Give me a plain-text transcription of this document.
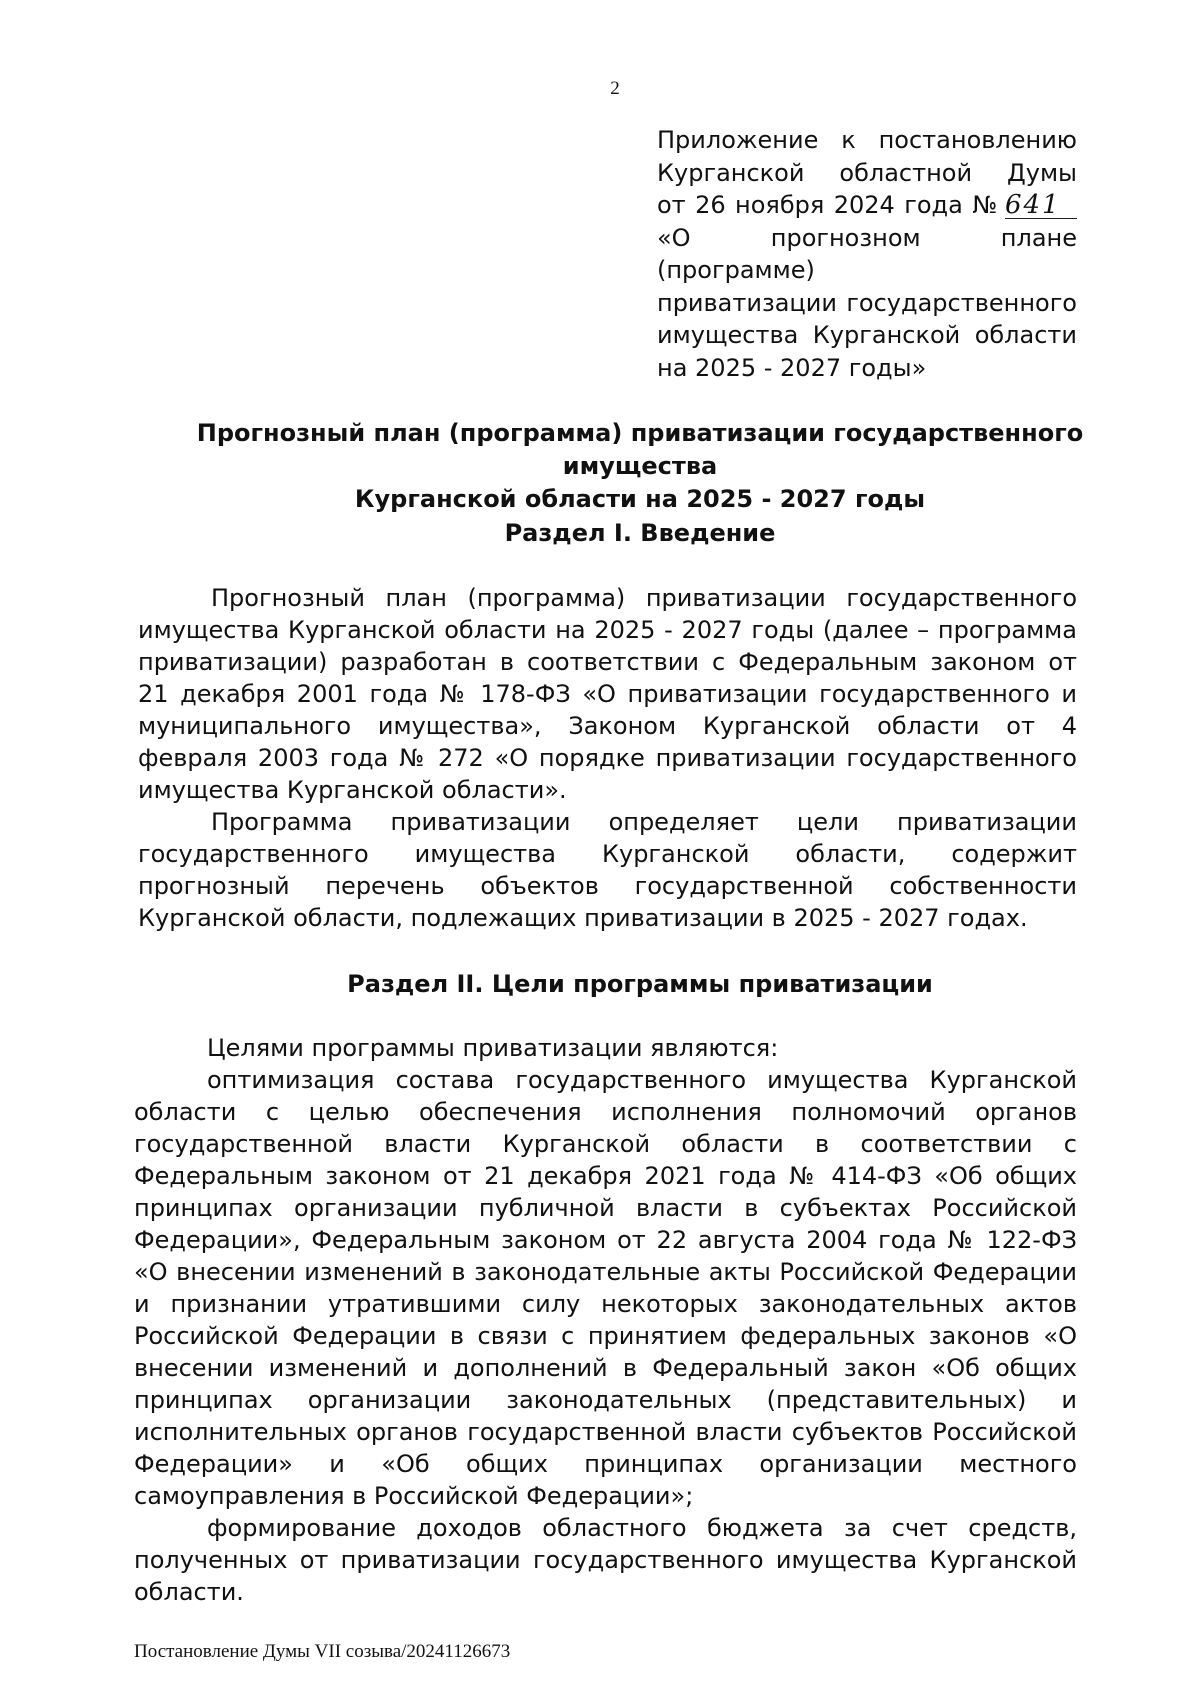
2
Приложение к постановлению
Курганской областной Думы
от 26 ноября 2024 года № 641
«О прогнозном плане (программе)
приватизации государственного
имущества Курганской области
на 2025 - 2027 годы»
Прогнозный план (программа) приватизации государственного имущества
Курганской области на 2025 - 2027 годы
Раздел I. Введение

Прогнозный план (программа) приватизации государственного имущества Курганской области на 2025 - 2027 годы (далее – программа приватизации) разработан в соответствии с Федеральным законом от 21 декабря 2001 года № 178-ФЗ «О приватизации государственного и муниципального имущества», Законом Курганской области от 4 февраля 2003 года № 272 «О порядке приватизации государственного имущества Курганской области».

Программа приватизации определяет цели приватизации государственного имущества Курганской области, содержит прогнозный перечень объектов государственной собственности Курганской области, подлежащих приватизации в 2025 - 2027 годах.

Раздел II. Цели программы приватизации

Целями программы приватизации являются:

оптимизация состава государственного имущества Курганской области с целью обеспечения исполнения полномочий органов государственной власти Курганской области в соответствии с Федеральным законом от 21 декабря 2021 года № 414-ФЗ «Об общих принципах организации публичной власти в субъектах Российской Федерации», Федеральным законом от 22 августа 2004 года № 122-ФЗ «О внесении изменений в законодательные акты Российской Федерации и признании утратившими силу некоторых законодательных актов Российской Федерации в связи с принятием федеральных законов «О внесении изменений и дополнений в Федеральный закон «Об общих принципах организации законодательных (представительных) и исполнительных органов государственной власти субъектов Российской Федерации» и «Об общих принципах организации местного самоуправления в Российской Федерации»;

формирование доходов областного бюджета за счет средств, полученных от приватизации государственного имущества Курганской области.

Постановление Думы VII созыва/20241126673
